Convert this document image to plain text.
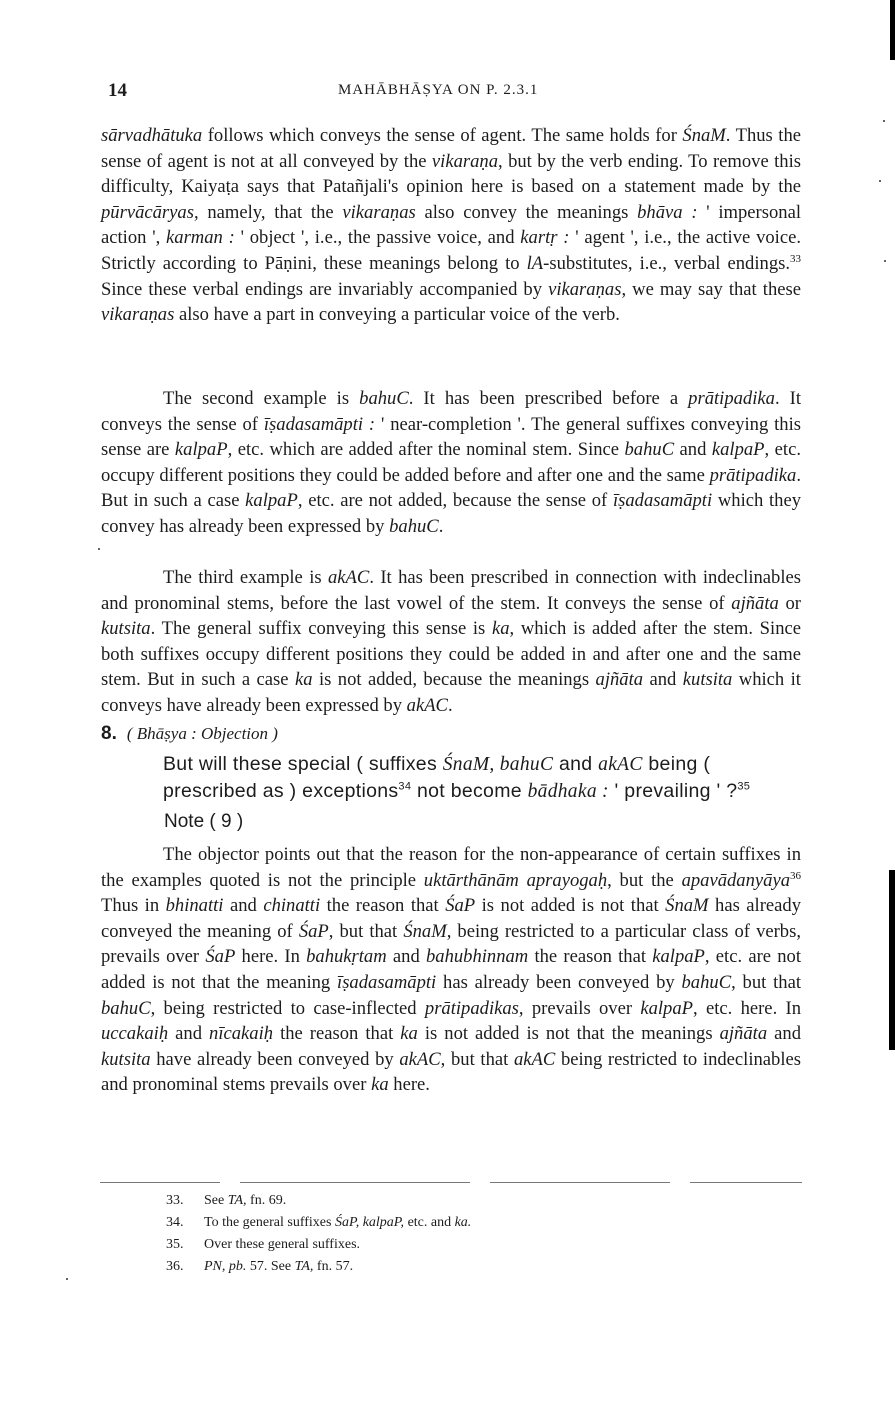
14	MAHĀBHĀṢYA ON P. 2.3.1

sārvadhātuka follows which conveys the sense of agent. The same holds for ŚnaM. Thus the sense of agent is not at all conveyed by the vikaraṇa, but by the verb ending. To remove this difficulty, Kaiyaṭa says that Patañjali's opinion here is based on a statement made by the pūrvācāryas, namely, that the vikaraṇas also convey the meanings bhāva : ' impersonal action ', karman : ' object ', i.e., the passive voice, and kartṛ : ' agent ', i.e., the active voice. Strictly according to Pāṇini, these meanings belong to lA-substitutes, i.e., verbal endings.$^{33}$ Since these verbal endings are invariably accompanied by vikaraṇas, we may say that these vikaraṇas also have a part in conveying a particular voice of the verb.

The second example is bahuC. It has been prescribed before a prātipadika. It conveys the sense of īṣadasamāpti : ' near-completion '. The general suffixes conveying this sense are kalpaP, etc. which are added after the nominal stem. Since bahuC and kalpaP, etc. occupy different positions they could be added before and after one and the same prātipadika. But in such a case kalpaP, etc. are not added, because the sense of īṣadasamāpti which they convey has already been expressed by bahuC.

The third example is akAC. It has been prescribed in connection with indeclinables and pronominal stems, before the last vowel of the stem. It conveys the sense of ajñāta or kutsita. The general suffix conveying this sense is ka, which is added after the stem. Since both suffixes occupy different positions they could be added in and after one and the same stem. But in such a case ka is not added, because the meanings ajñāta and kutsita which it conveys have already been expressed by akAC.

8. ( Bhāṣya : Objection )
But will these special ( suffixes ŚnaM, bahuC and akAC being ( prescribed as ) exceptions$^{34}$ not become bādhaka : ' prevailing ' ?$^{35}$
Note ( 9 )

The objector points out that the reason for the non-appearance of certain suffixes in the examples quoted is not the principle uktārthānām aprayogaḥ, but the apavādanyāya$^{36}$ Thus in bhinatti and chinatti the reason that ŚaP is not added is not that ŚnaM has already conveyed the meaning of ŚaP, but that ŚnaM, being restricted to a particular class of verbs, prevails over ŚaP here. In bahukṛtam and bahubhinnam the reason that kalpaP, etc. are not added is not that the meaning īṣadasamāpti has already been conveyed by bahuC, but that bahuC, being restricted to case-inflected prātipadikas, prevails over kalpaP, etc. here. In uccakaiḥ and nīcakaiḥ the reason that ka is not added is not that the meanings ajñāta and kutsita have already been conveyed by akAC, but that akAC being restricted to indeclinables and pronominal stems prevails over ka here.

33. See TA, fn. 69.

34. To the general suffixes ŚaP, kalpaP, etc. and ka.

35. Over these general suffixes.

36. PN, pb. 57. See TA, fn. 57.
